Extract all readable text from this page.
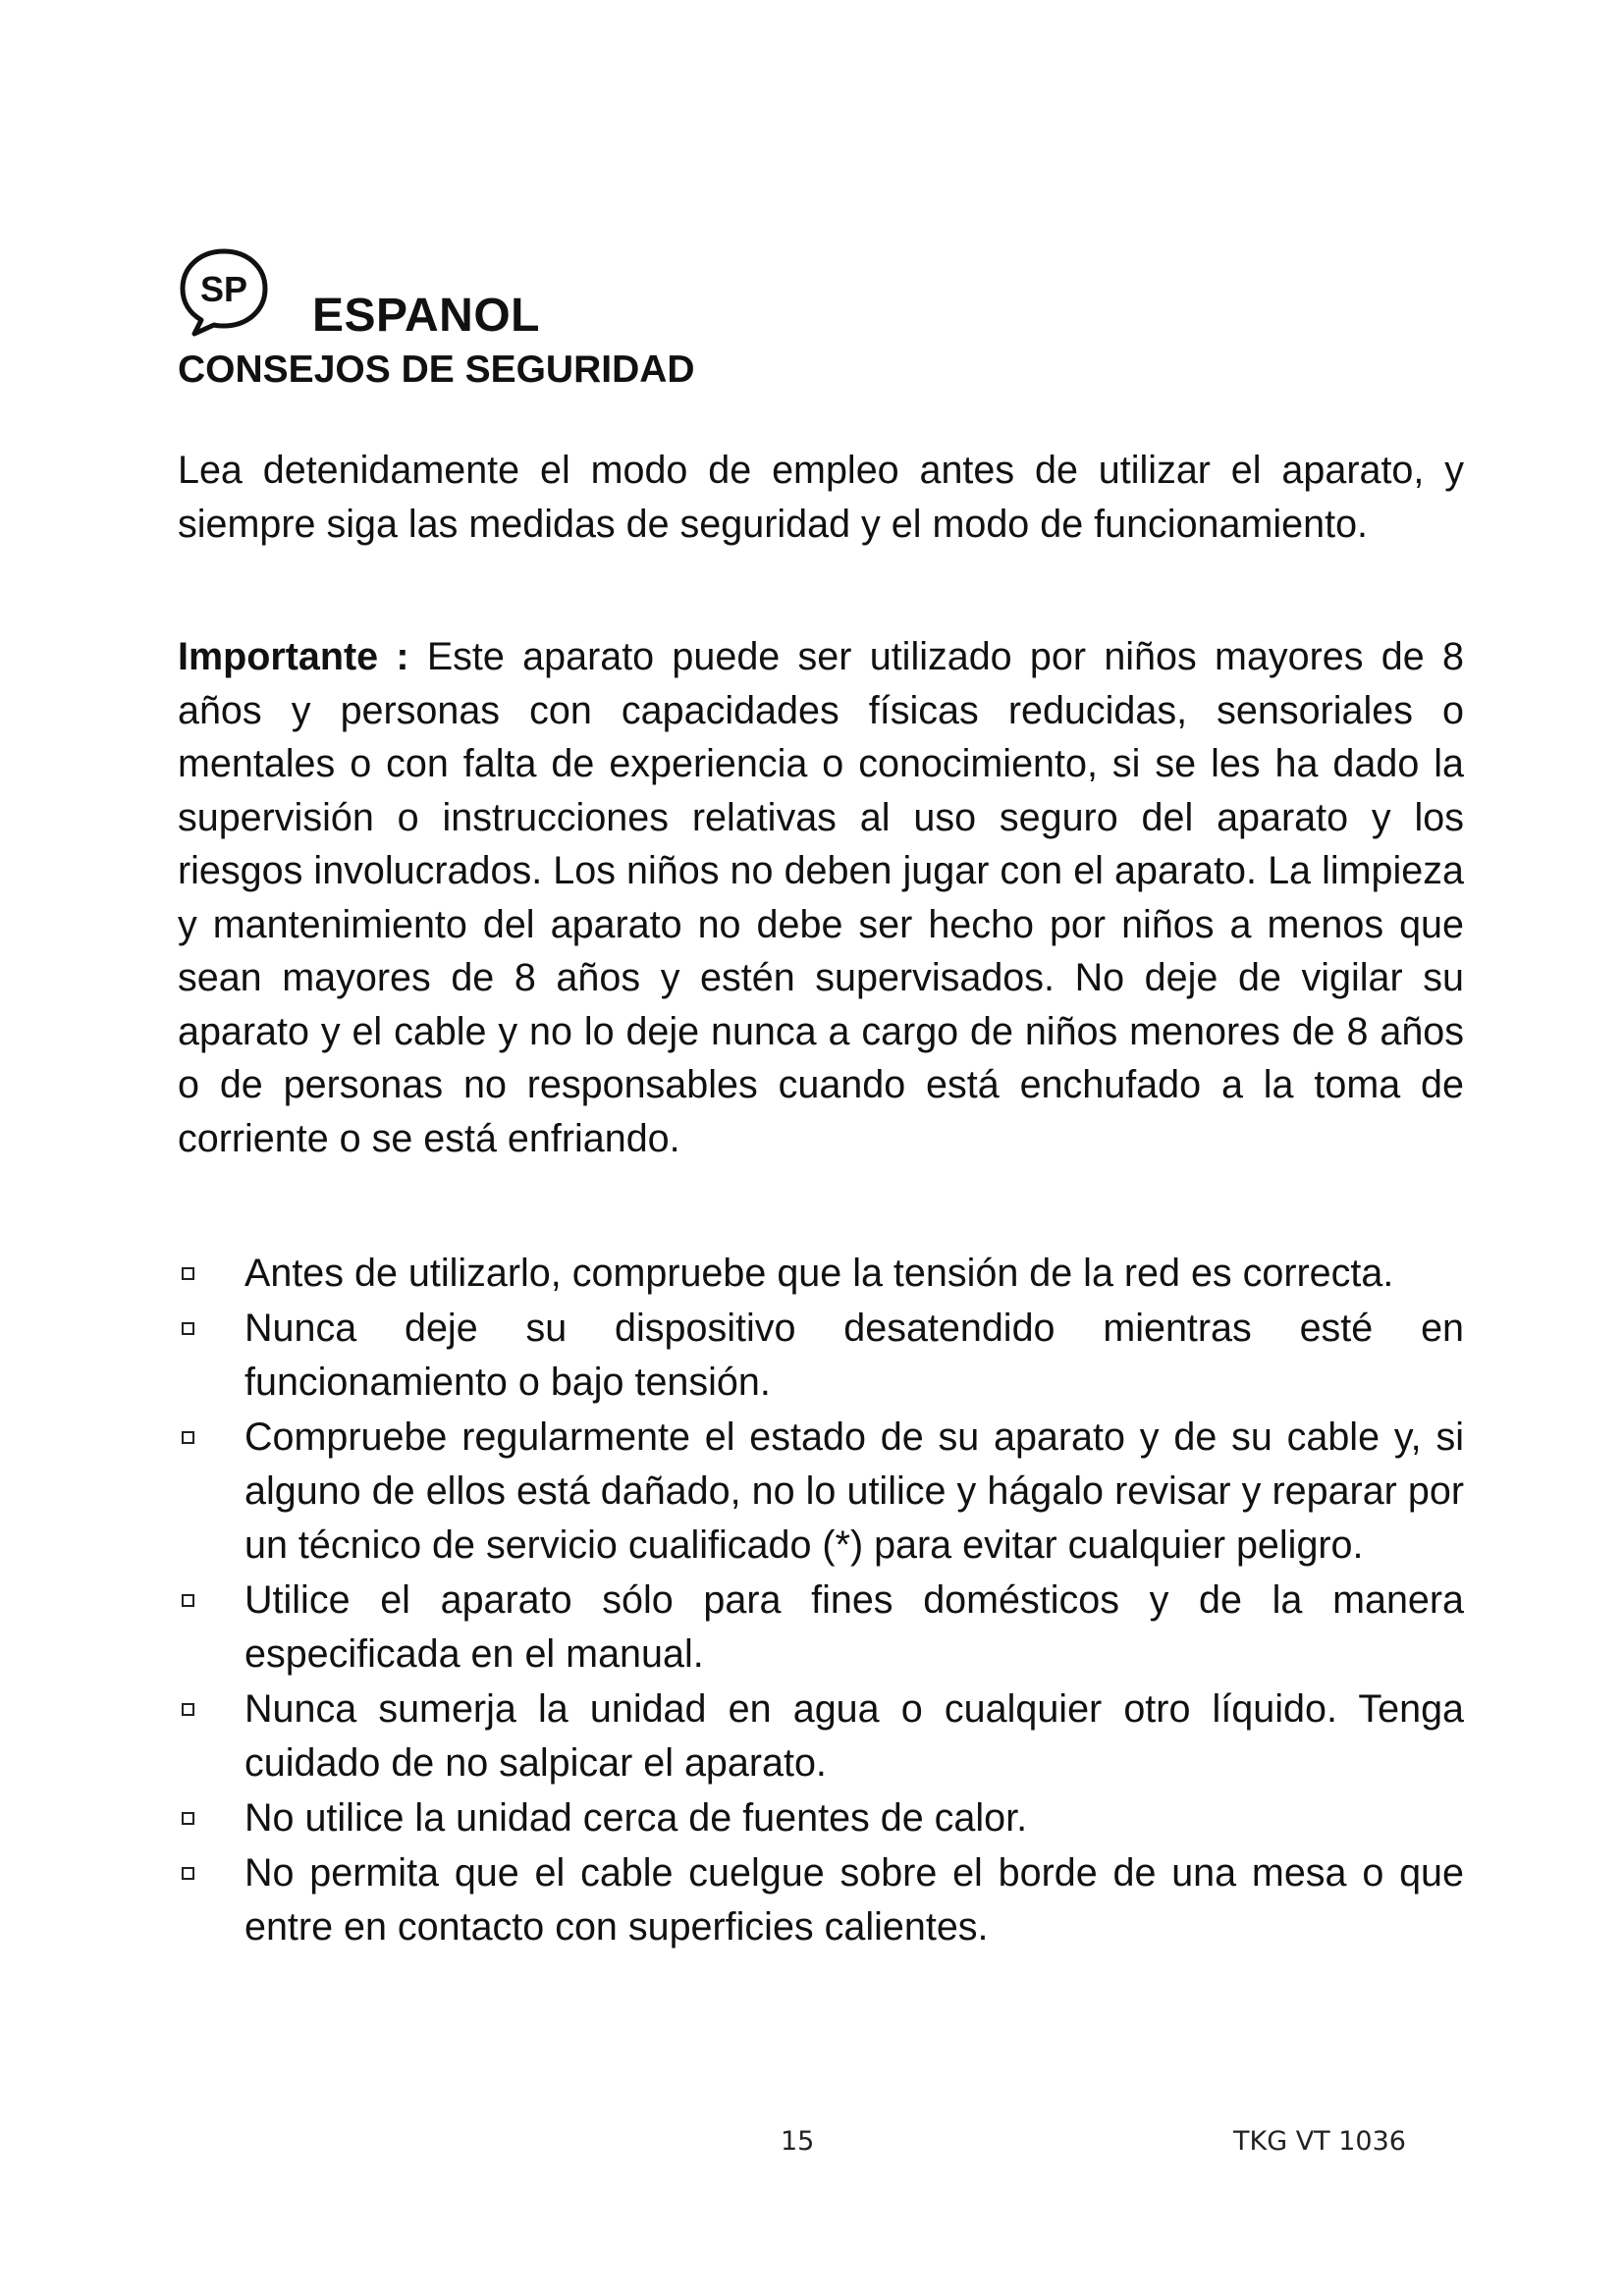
SP
ESPANOL
CONSEJOS DE SEGURIDAD

Lea detenidamente el modo de empleo antes de utilizar el aparato, y siempre siga las medidas de seguridad y el modo de funcionamiento.

Importante : Este aparato puede ser utilizado por niños mayores de 8 años y personas con capacidades físicas reducidas, sensoriales o mentales o con falta de experiencia o conocimiento, si se les ha dado la supervisión o instrucciones relativas al uso seguro del aparato y los riesgos involucrados. Los niños no deben jugar con el aparato. La limpieza y mantenimiento del aparato no debe ser hecho por niños a menos que sean mayores de 8 años y estén supervisados. No deje de vigilar su aparato y el cable y no lo deje nunca a cargo de niños menores de 8 años o de personas no responsables cuando está enchufado a la toma de corriente o se está enfriando.

Antes de utilizarlo, compruebe que la tensión de la red es correcta.
Nunca deje su dispositivo desatendido mientras esté en funcionamiento o bajo tensión.
Compruebe regularmente el estado de su aparato y de su cable y, si alguno de ellos está dañado, no lo utilice y hágalo revisar y reparar por un técnico de servicio cualificado (*) para evitar cualquier peligro.
Utilice el aparato sólo para fines domésticos y de la manera especificada en el manual.
Nunca sumerja la unidad en agua o cualquier otro líquido. Tenga cuidado de no salpicar el aparato.
No utilice la unidad cerca de fuentes de calor.
No permita que el cable cuelgue sobre el borde de una mesa o que entre en contacto con superficies calientes.
15	TKG VT 1036
